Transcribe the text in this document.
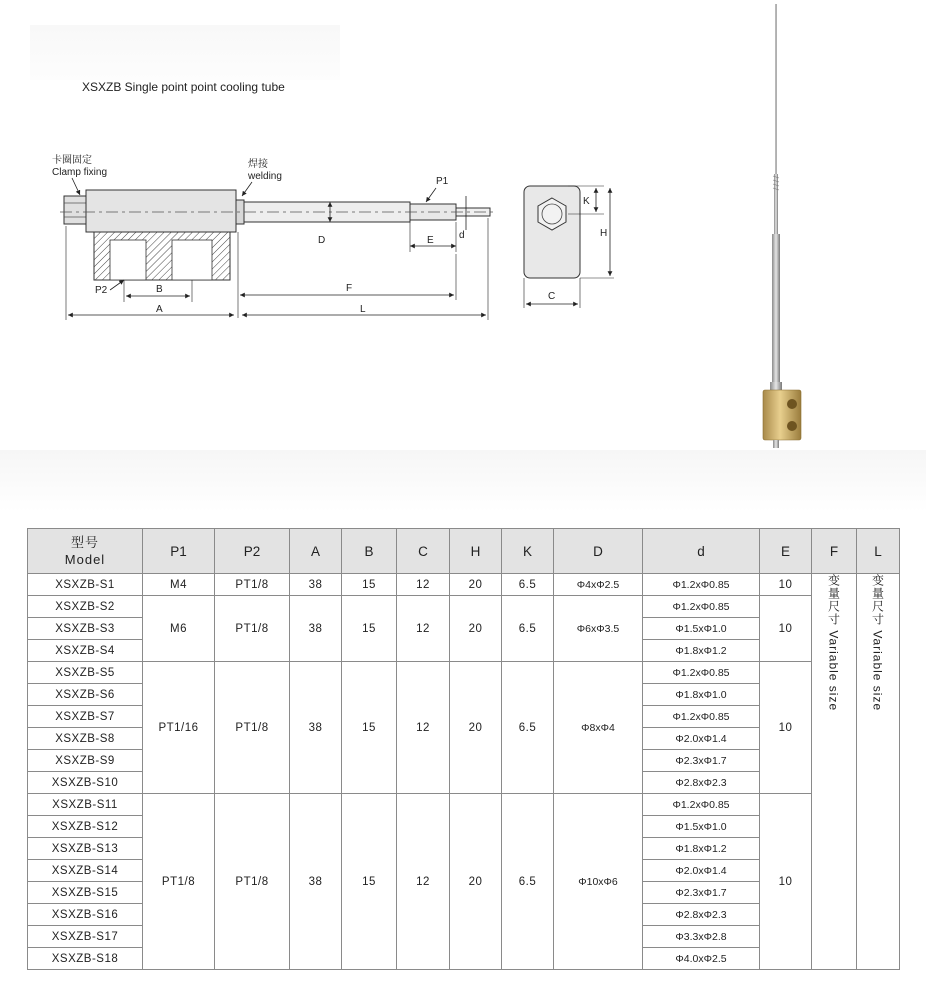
XSXZB Single point point cooling tube
卡圈固定
Clamp fixing
焊接
welding
D	E	d
P1
P2	B	F
A	L
K
H
C
型号
Model	P1	P2	A	B	C	H	K	D	d	E	F	L
XSXZB-S1	M4	PT1/8	38	15	12	20	6.5	Φ4xΦ2.5	Φ1.2xΦ0.85	10	变量尺寸 Variable size	变量尺寸 Variable size
XSXZB-S2	M6	PT1/8	38	15	12	20	6.5	Φ6xΦ3.5	Φ1.2xΦ0.85	10		
XSXZB-S3									Φ1.5xΦ1.0			
XSXZB-S4									Φ1.8xΦ1.2			
XSXZB-S5	PT1/16	PT1/8	38	15	12	20	6.5	Φ8xΦ4	Φ1.2xΦ0.85	10		
XSXZB-S6									Φ1.8xΦ1.0			
XSXZB-S7									Φ1.2xΦ0.85			
XSXZB-S8									Φ2.0xΦ1.4			
XSXZB-S9									Φ2.3xΦ1.7			
XSXZB-S10									Φ2.8xΦ2.3			
XSXZB-S11	PT1/8	PT1/8	38	15	12	20	6.5	Φ10xΦ6	Φ1.2xΦ0.85	10		
XSXZB-S12									Φ1.5xΦ1.0			
XSXZB-S13									Φ1.8xΦ1.2			
XSXZB-S14									Φ2.0xΦ1.4			
XSXZB-S15									Φ2.3xΦ1.7			
XSXZB-S16									Φ2.8xΦ2.3			
XSXZB-S17									Φ3.3xΦ2.8			
XSXZB-S18									Φ4.0xΦ2.5			
